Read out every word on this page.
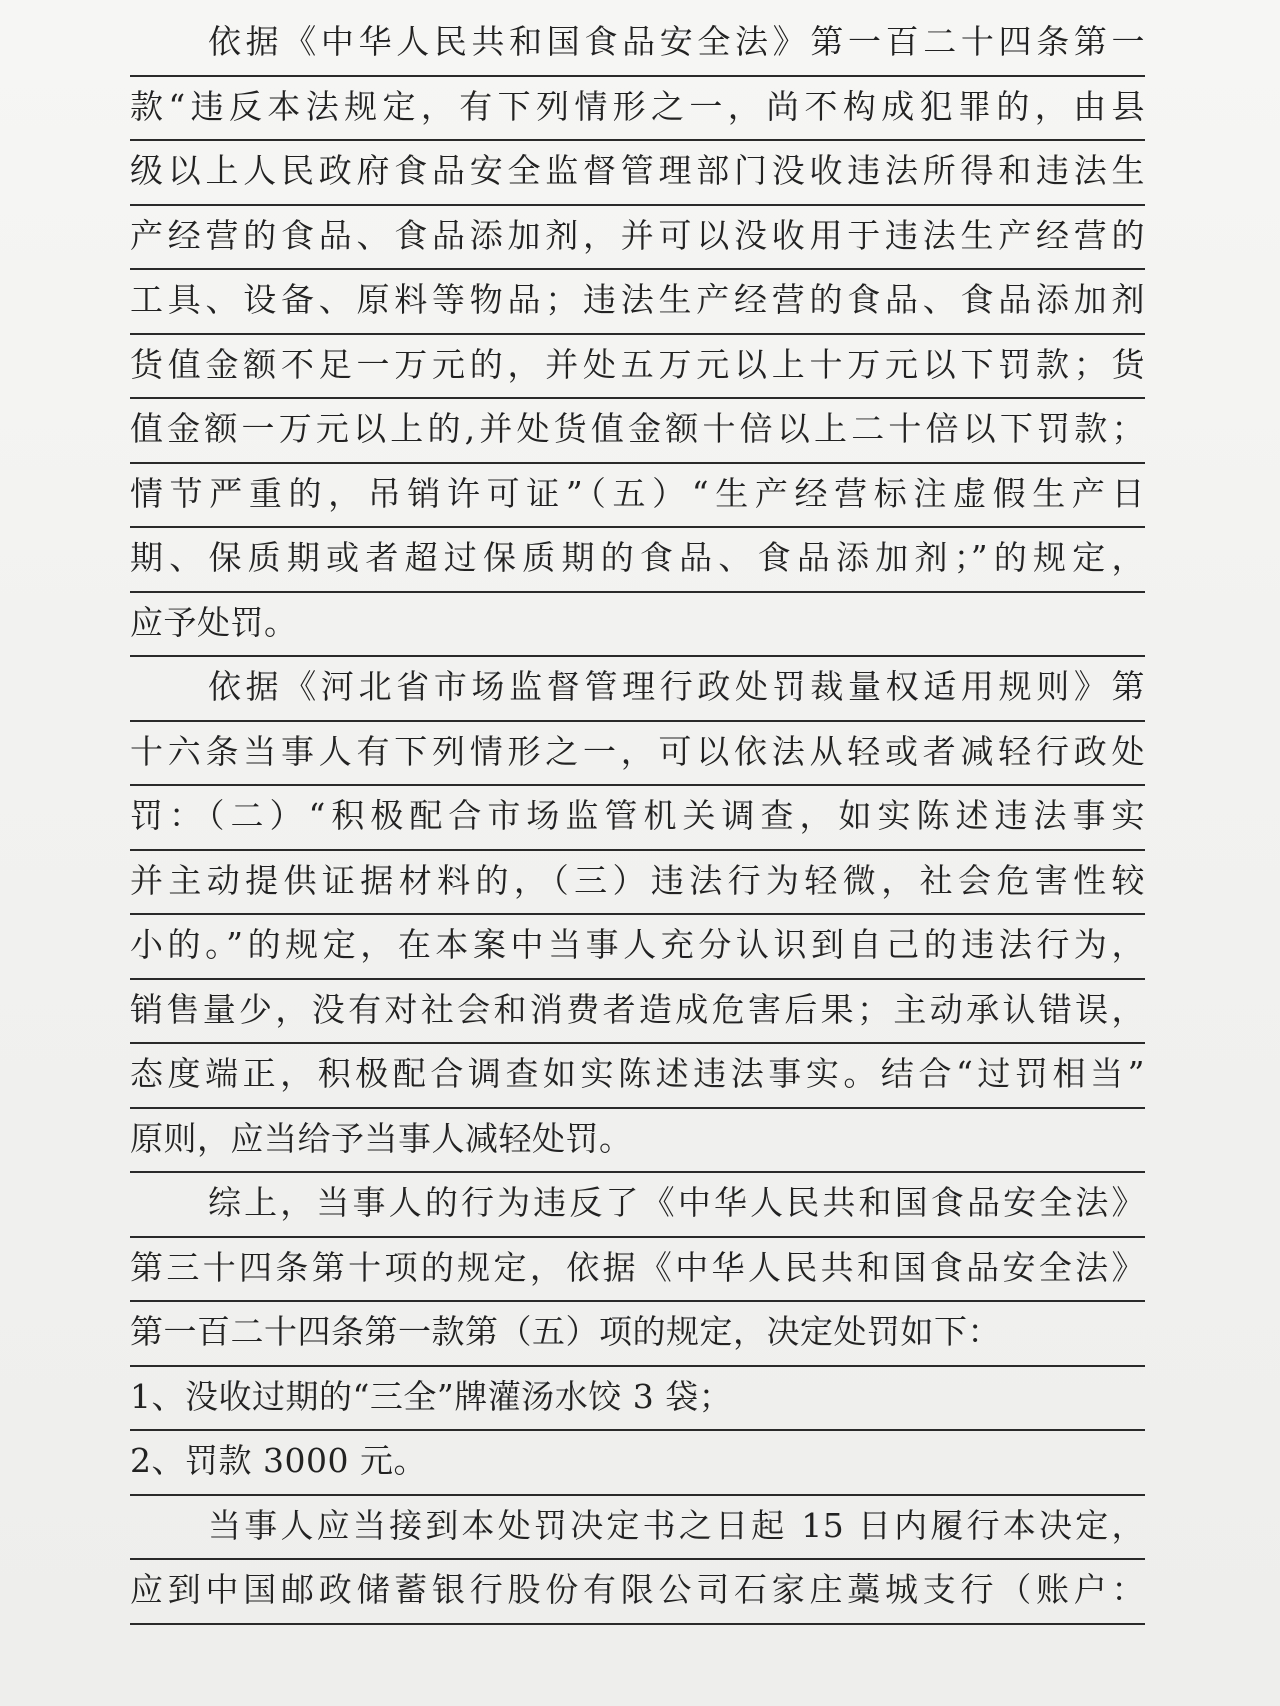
依据《中华人民共和国食品安全法》第一百二十四条第一
款“违反本法规定，有下列情形之一，尚不构成犯罪的，由县
级以上人民政府食品安全监督管理部门没收违法所得和违法生
产经营的食品、食品添加剂，并可以没收用于违法生产经营的
工具、设备、原料等物品；违法生产经营的食品、食品添加剂
货值金额不足一万元的，并处五万元以上十万元以下罚款；货
值金额一万元以上的,并处货值金额十倍以上二十倍以下罚款；
情节严重的，吊销许可证”（五）“生产经营标注虚假生产日
期、保质期或者超过保质期的食品、食品添加剂；”的规定，
应予处罚。
依据《河北省市场监督管理行政处罚裁量权适用规则》第
十六条当事人有下列情形之一，可以依法从轻或者减轻行政处
罚：（二）“积极配合市场监管机关调查，如实陈述违法事实
并主动提供证据材料的，（三）违法行为轻微，社会危害性较
小的。”的规定，在本案中当事人充分认识到自己的违法行为，
销售量少，没有对社会和消费者造成危害后果；主动承认错误，
态度端正，积极配合调查如实陈述违法事实。结合“过罚相当”
原则，应当给予当事人减轻处罚。
综上，当事人的行为违反了《中华人民共和国食品安全法》
第三十四条第十项的规定，依据《中华人民共和国食品安全法》
第一百二十四条第一款第（五）项的规定，决定处罚如下：
1、没收过期的“三全”牌灌汤水饺 3 袋；
2、罚款 3000 元。
当事人应当接到本处罚决定书之日起 15 日内履行本决定，
应到中国邮政储蓄银行股份有限公司石家庄藁城支行（账户：
